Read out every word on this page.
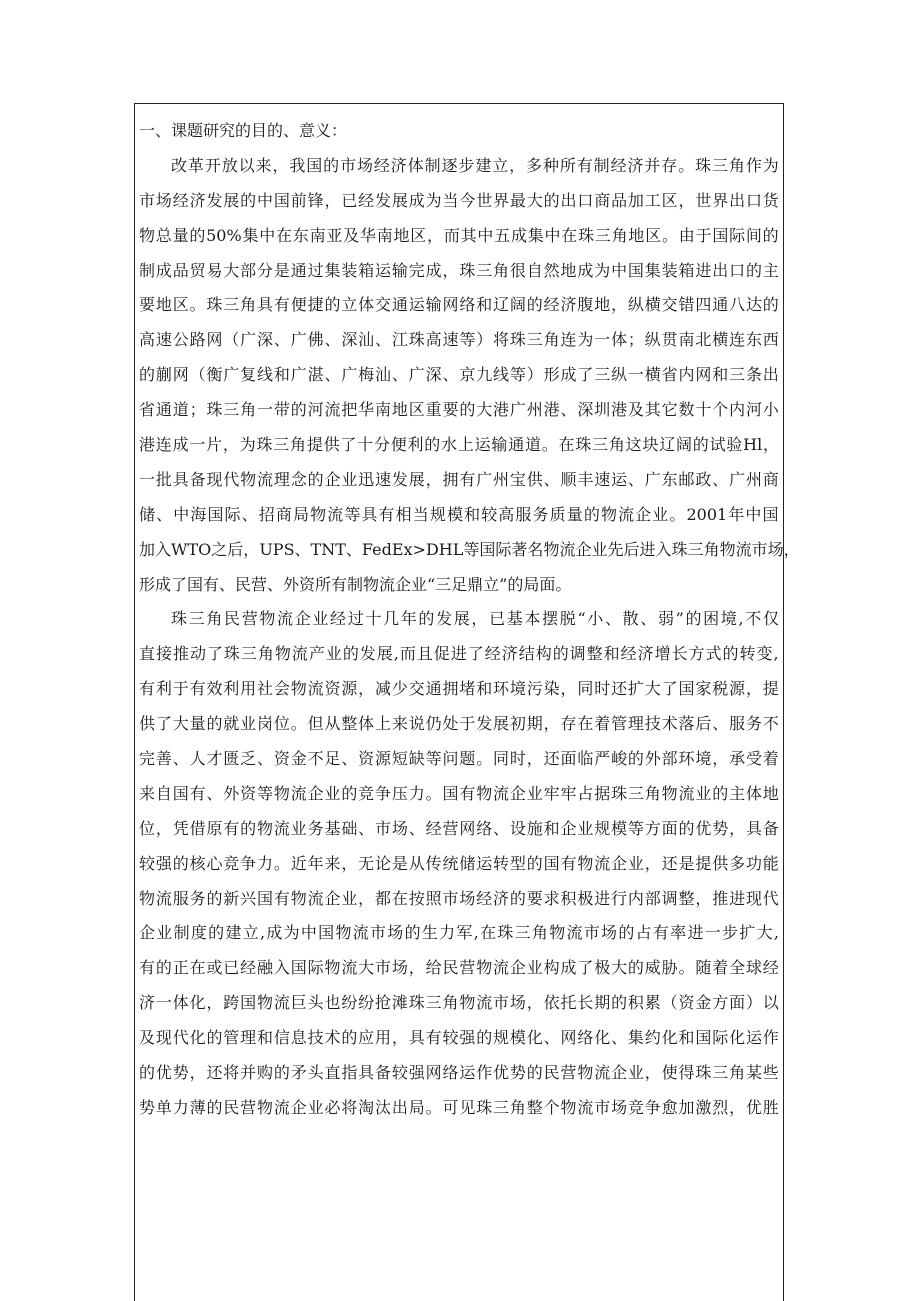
一、课题研究的目的、意义：
改 革 开 放 以 来 ， 我 国 的 市 场 经 济 体 制 逐 步 建 立 ， 多 种 所 有 制 经 济 并 存 。 珠 三 角 作 为
市 场 经 济 发 展 的 中 国 前 锋 ， 已 经 发 展 成 为 当 今 世 界 最 大 的 出 口 商 品 加 工 区 ， 世 界 出 口 货
物 总 量 的 50% 集 中 在 东 南 亚 及 华 南 地 区 ， 而 其 中 五 成 集 中 在 珠 三 角 地 区 。 由 于 国 际 间 的
制 成 品 贸 易 大 部 分 是 通 过 集 装 箱 运 输 完 成 ， 珠 三 角 很 自 然 地 成 为 中 国 集 装 箱 进 出 口 的 主
要 地 区 。 珠 三 角 具 有 便 捷 的 立 体 交 通 运 输 网 络 和 辽 阔 的 经 济 腹 地 ， 纵 横 交 错 四 通 八 达 的
高 速 公 路 网 （ 广 深 、 广 佛 、 深 汕 、 江 珠 高 速 等 ） 将 珠 三 角 连 为 一 体 ； 纵 贯 南 北 横 连 东 西
的 蒯 网 （ 衡 广 复 线 和 广 湛 、 广 梅 汕 、 广 深 、 京 九 线 等 ） 形 成 了 三 纵 一 横 省 内 网 和 三 条 出
省 通 道 ； 珠 三 角 一 带 的 河 流 把 华 南 地 区 重 要 的 大 港 广 州 港 、 深 圳 港 及 其 它 数 十 个 内 河 小
港 连 成 一 片 ， 为 珠 三 角 提 供 了 十 分 便 利 的 水 上 运 输 通 道 。 在 珠 三 角 这 块 辽 阔 的 试 验 Hl ，
一 批 具 备 现 代 物 流 理 念 的 企 业 迅 速 发 展 ， 拥 有 广 州 宝 供 、 顺 丰 速 运 、 广 东 邮 政 、 广 州 商
储 、 中 海 国 际 、 招 商 局 物 流 等 具 有 相 当 规 模 和 较 高 服 务 质 量 的 物 流 企 业 。 2001 年 中 国
加 入 WTO 之 后 ， UPS 、 TNT 、 FedEx>DHL 等 国 际 著 名 物 流 企 业 先 后 进 入 珠 三 角 物 流 市 场 ，
形成了国有、民营、外资所有制物流企业“三足鼎立”的局面。
珠 三 角 民 营 物 流 企 业 经 过 十 几 年 的 发 展 ， 已 基 本 摆 脱 “ 小 、 散 、 弱 ” 的 困 境 , 不 仅
直 接 推 动 了 珠 三 角 物 流 产 业 的 发 展 , 而 且 促 进 了 经 济 结 构 的 调 整 和 经 济 增 长 方 式 的 转 变 ,
有 利 于 有 效 利 用 社 会 物 流 资 源 ， 减 少 交 通 拥 堵 和 环 境 污 染 ， 同 时 还 扩 大 了 国 家 税 源 ， 提
供 了 大 量 的 就 业 岗 位 。 但 从 整 体 上 来 说 仍 处 于 发 展 初 期 ， 存 在 着 管 理 技 术 落 后 、 服 务 不
完 善 、 人 才 匮 乏 、 资 金 不 足 、 资 源 短 缺 等 问 题 。 同 时 ， 还 面 临 严 峻 的 外 部 环 境 ， 承 受 着
来 自 国 有 、 外 资 等 物 流 企 业 的 竞 争 压 力 。 国 有 物 流 企 业 牢 牢 占 据 珠 三 角 物 流 业 的 主 体 地
位 ， 凭 借 原 有 的 物 流 业 务 基 础 、 市 场 、 经 营 网 络 、 设 施 和 企 业 规 模 等 方 面 的 优 势 ， 具 备
较 强 的 核 心 竞 争 力 。 近 年 来 ， 无 论 是 从 传 统 储 运 转 型 的 国 有 物 流 企 业 ， 还 是 提 供 多 功 能
物 流 服 务 的 新 兴 国 有 物 流 企 业 ， 都 在 按 照 市 场 经 济 的 要 求 积 极 进 行 内 部 调 整 ， 推 进 现 代
企 业 制 度 的 建 立 , 成 为 中 国 物 流 市 场 的 生 力 军 , 在 珠 三 角 物 流 市 场 的 占 有 率 进 一 步 扩 大 ,
有 的 正 在 或 已 经 融 入 国 际 物 流 大 市 场 ， 给 民 营 物 流 企 业 构 成 了 极 大 的 威 胁 。 随 着 全 球 经
济 一 体 化 ， 跨 国 物 流 巨 头 也 纷 纷 抢 滩 珠 三 角 物 流 市 场 ， 依 托 长 期 的 积 累 （ 资 金 方 面 ） 以
及 现 代 化 的 管 理 和 信 息 技 术 的 应 用 ， 具 有 较 强 的 规 模 化 、 网 络 化 、 集 约 化 和 国 际 化 运 作
的 优 势 ， 还 将 并 购 的 矛 头 直 指 具 备 较 强 网 络 运 作 优 势 的 民 营 物 流 企 业 ， 使 得 珠 三 角 某 些
势 单 力 薄 的 民 营 物 流 企 业 必 将 淘 汰 出 局 。 可 见 珠 三 角 整 个 物 流 市 场 竞 争 愈 加 激 烈 ， 优 胜
